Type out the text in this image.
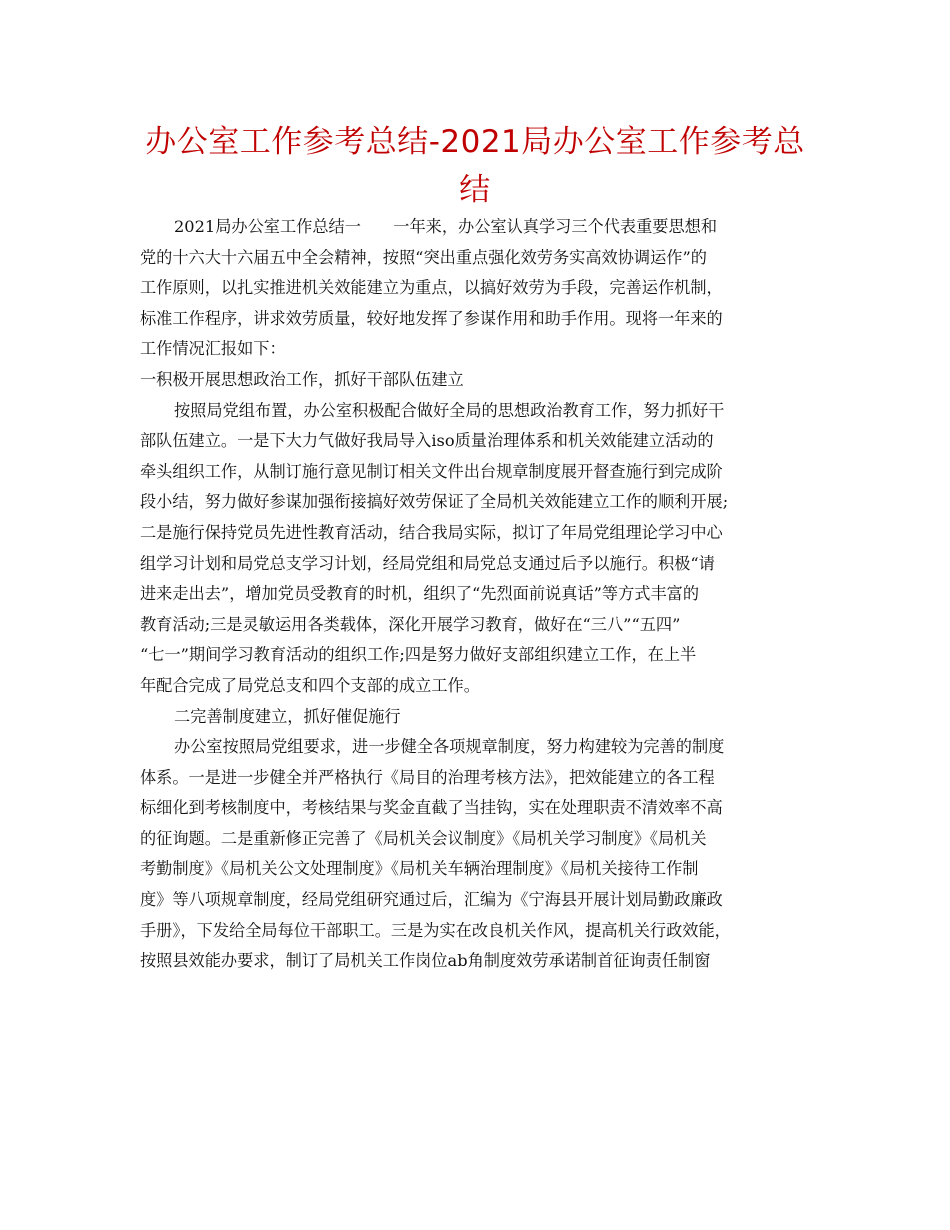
办公室工作参考总结-2021局办公室工作参考总
结
2021局办公室工作总结一　　一年来，办公室认真学习三个代表重要思想和
党的十六大十六届五中全会精神，按照“突出重点强化效劳务实高效协调运作”的
工作原则，以扎实推进机关效能建立为重点，以搞好效劳为手段，完善运作机制，
标准工作程序，讲求效劳质量，较好地发挥了参谋作用和助手作用。现将一年来的
工作情况汇报如下：
一积极开展思想政治工作，抓好干部队伍建立
按照局党组布置，办公室积极配合做好全局的思想政治教育工作，努力抓好干
部队伍建立。一是下大力气做好我局导入iso质量治理体系和机关效能建立活动的
牵头组织工作，从制订施行意见制订相关文件出台规章制度展开督查施行到完成阶
段小结，努力做好参谋加强衔接搞好效劳保证了全局机关效能建立工作的顺利开展;
二是施行保持党员先进性教育活动，结合我局实际，拟订了年局党组理论学习中心
组学习计划和局党总支学习计划，经局党组和局党总支通过后予以施行。积极“请
进来走出去”，增加党员受教育的时机，组织了“先烈面前说真话”等方式丰富的
教育活动;三是灵敏运用各类载体，深化开展学习教育，做好在“三八”“五四”
“七一”期间学习教育活动的组织工作;四是努力做好支部组织建立工作，在上半
年配合完成了局党总支和四个支部的成立工作。
二完善制度建立，抓好催促施行
办公室按照局党组要求，进一步健全各项规章制度，努力构建较为完善的制度
体系。一是进一步健全并严格执行《局目的治理考核方法》，把效能建立的各工程
标细化到考核制度中，考核结果与奖金直截了当挂钩，实在处理职责不清效率不高
的征询题。二是重新修正完善了《局机关会议制度》《局机关学习制度》《局机关
考勤制度》《局机关公文处理制度》《局机关车辆治理制度》《局机关接待工作制
度》等八项规章制度，经局党组研究通过后，汇编为《宁海县开展计划局勤政廉政
手册》，下发给全局每位干部职工。三是为实在改良机关作风，提高机关行政效能，
按照县效能办要求，制订了局机关工作岗位ab角制度效劳承诺制首征询责任制窗
